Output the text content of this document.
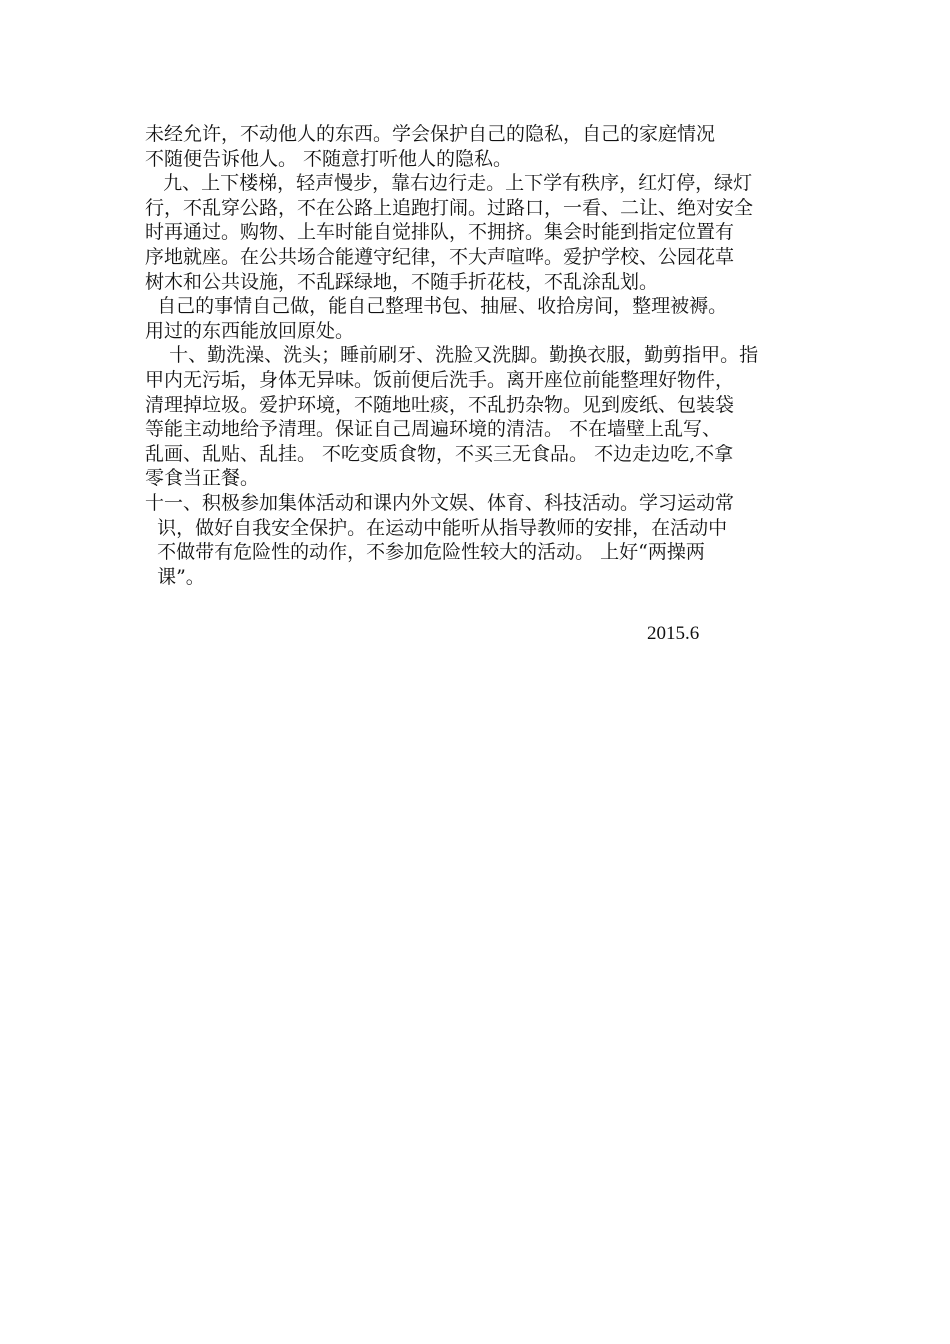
未经允许，不动他人的东西。学会保护自己的隐私，自己的家庭情况
不随便告诉他人。 不随意打听他人的隐私。
九、上下楼梯，轻声慢步，靠右边行走。上下学有秩序，红灯停，绿灯
行，不乱穿公路，不在公路上追跑打闹。过路口，一看、二让、绝对安全
时再通过。购物、上车时能自觉排队，不拥挤。集会时能到指定位置有
序地就座。在公共场合能遵守纪律，不大声喧哗。爱护学校、公园花草
树木和公共设施，不乱踩绿地，不随手折花枝，不乱涂乱划。
自己的事情自己做，能自己整理书包、抽屉、收拾房间，整理被褥。
用过的东西能放回原处。
十、勤洗澡、洗头；睡前刷牙、洗脸又洗脚。勤换衣服，勤剪指甲。指
甲内无污垢，身体无异味。饭前便后洗手。离开座位前能整理好物件，
清理掉垃圾。爱护环境，不随地吐痰，不乱扔杂物。见到废纸、包装袋
等能主动地给予清理。保证自己周遍环境的清洁。 不在墙壁上乱写、
乱画、乱贴、乱挂。 不吃变质食物，不买三无食品。 不边走边吃,不拿
零食当正餐。
十一、积极参加集体活动和课内外文娱、体育、科技活动。学习运动常
识，做好自我安全保护。在运动中能听从指导教师的安排，在活动中
不做带有危险性的动作，不参加危险性较大的活动。 上好“两操两
课”。
2015.6
